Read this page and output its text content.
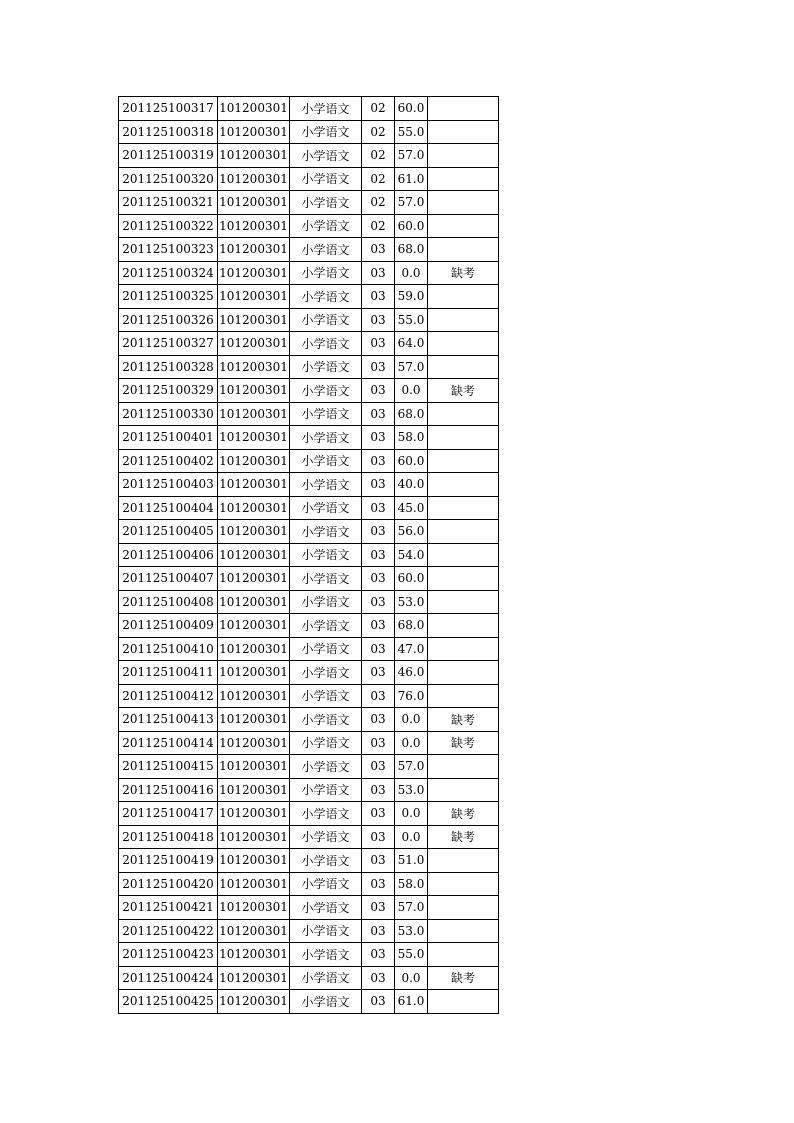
201125100317	101200301	小学语文	02	60.0	
201125100318	101200301	小学语文	02	55.0	
201125100319	101200301	小学语文	02	57.0	
201125100320	101200301	小学语文	02	61.0	
201125100321	101200301	小学语文	02	57.0	
201125100322	101200301	小学语文	02	60.0	
201125100323	101200301	小学语文	03	68.0	
201125100324	101200301	小学语文	03	0.0	缺考
201125100325	101200301	小学语文	03	59.0	
201125100326	101200301	小学语文	03	55.0	
201125100327	101200301	小学语文	03	64.0	
201125100328	101200301	小学语文	03	57.0	
201125100329	101200301	小学语文	03	0.0	缺考
201125100330	101200301	小学语文	03	68.0	
201125100401	101200301	小学语文	03	58.0	
201125100402	101200301	小学语文	03	60.0	
201125100403	101200301	小学语文	03	40.0	
201125100404	101200301	小学语文	03	45.0	
201125100405	101200301	小学语文	03	56.0	
201125100406	101200301	小学语文	03	54.0	
201125100407	101200301	小学语文	03	60.0	
201125100408	101200301	小学语文	03	53.0	
201125100409	101200301	小学语文	03	68.0	
201125100410	101200301	小学语文	03	47.0	
201125100411	101200301	小学语文	03	46.0	
201125100412	101200301	小学语文	03	76.0	
201125100413	101200301	小学语文	03	0.0	缺考
201125100414	101200301	小学语文	03	0.0	缺考
201125100415	101200301	小学语文	03	57.0	
201125100416	101200301	小学语文	03	53.0	
201125100417	101200301	小学语文	03	0.0	缺考
201125100418	101200301	小学语文	03	0.0	缺考
201125100419	101200301	小学语文	03	51.0	
201125100420	101200301	小学语文	03	58.0	
201125100421	101200301	小学语文	03	57.0	
201125100422	101200301	小学语文	03	53.0	
201125100423	101200301	小学语文	03	55.0	
201125100424	101200301	小学语文	03	0.0	缺考
201125100425	101200301	小学语文	03	61.0	
